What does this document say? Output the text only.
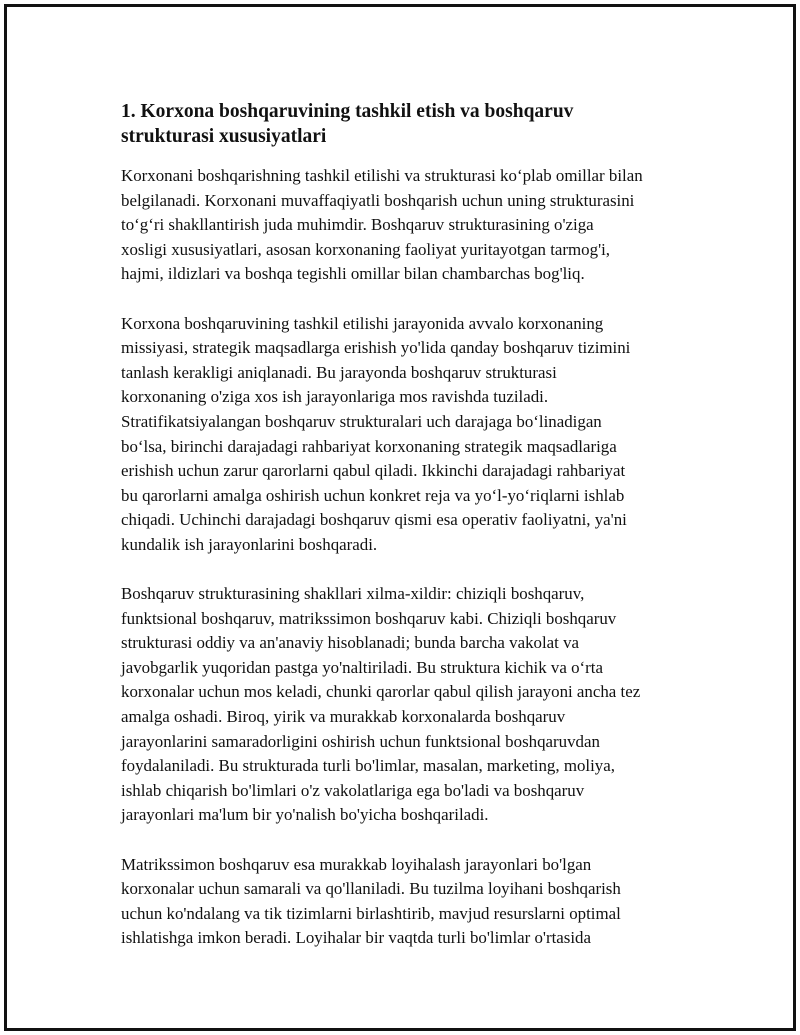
1. Korxona boshqaruvining tashkil etish va boshqaruv
strukturasi xususiyatlari

Korxonani boshqarishning tashkil etilishi va strukturasi ko‘plab omillar bilan
belgilanadi. Korxonani muvaffaqiyatli boshqarish uchun uning strukturasini
to‘g‘ri shakllantirish juda muhimdir. Boshqaruv strukturasining o'ziga
xosligi xususiyatlari, asosan korxonaning faoliyat yuritayotgan tarmog'i,
hajmi, ildizlari va boshqa tegishli omillar bilan chambarchas bog'liq.

Korxona boshqaruvining tashkil etilishi jarayonida avvalo korxonaning
missiyasi, strategik maqsadlarga erishish yo'lida qanday boshqaruv tizimini
tanlash kerakligi aniqlanadi. Bu jarayonda boshqaruv strukturasi
korxonaning o'ziga xos ish jarayonlariga mos ravishda tuziladi.
Stratifikatsiyalangan boshqaruv strukturalari uch darajaga bo‘linadigan
bo‘lsa, birinchi darajadagi rahbariyat korxonaning strategik maqsadlariga
erishish uchun zarur qarorlarni qabul qiladi. Ikkinchi darajadagi rahbariyat
bu qarorlarni amalga oshirish uchun konkret reja va yo‘l-yo‘riqlarni ishlab
chiqadi. Uchinchi darajadagi boshqaruv qismi esa operativ faoliyatni, ya'ni
kundalik ish jarayonlarini boshqaradi.

Boshqaruv strukturasining shakllari xilma-xildir: chiziqli boshqaruv,
funktsional boshqaruv, matrikssimon boshqaruv kabi. Chiziqli boshqaruv
strukturasi oddiy va an'anaviy hisoblanadi; bunda barcha vakolat va
javobgarlik yuqoridan pastga yo'naltiriladi. Bu struktura kichik va o‘rta
korxonalar uchun mos keladi, chunki qarorlar qabul qilish jarayoni ancha tez
amalga oshadi. Biroq, yirik va murakkab korxonalarda boshqaruv
jarayonlarini samaradorligini oshirish uchun funktsional boshqaruvdan
foydalaniladi. Bu strukturada turli bo'limlar, masalan, marketing, moliya,
ishlab chiqarish bo'limlari o'z vakolatlariga ega bo'ladi va boshqaruv
jarayonlari ma'lum bir yo'nalish bo'yicha boshqariladi.

Matrikssimon boshqaruv esa murakkab loyihalash jarayonlari bo'lgan
korxonalar uchun samarali va qo'llaniladi. Bu tuzilma loyihani boshqarish
uchun ko'ndalang va tik tizimlarni birlashtirib, mavjud resurslarni optimal
ishlatishga imkon beradi. Loyihalar bir vaqtda turli bo'limlar o'rtasida
